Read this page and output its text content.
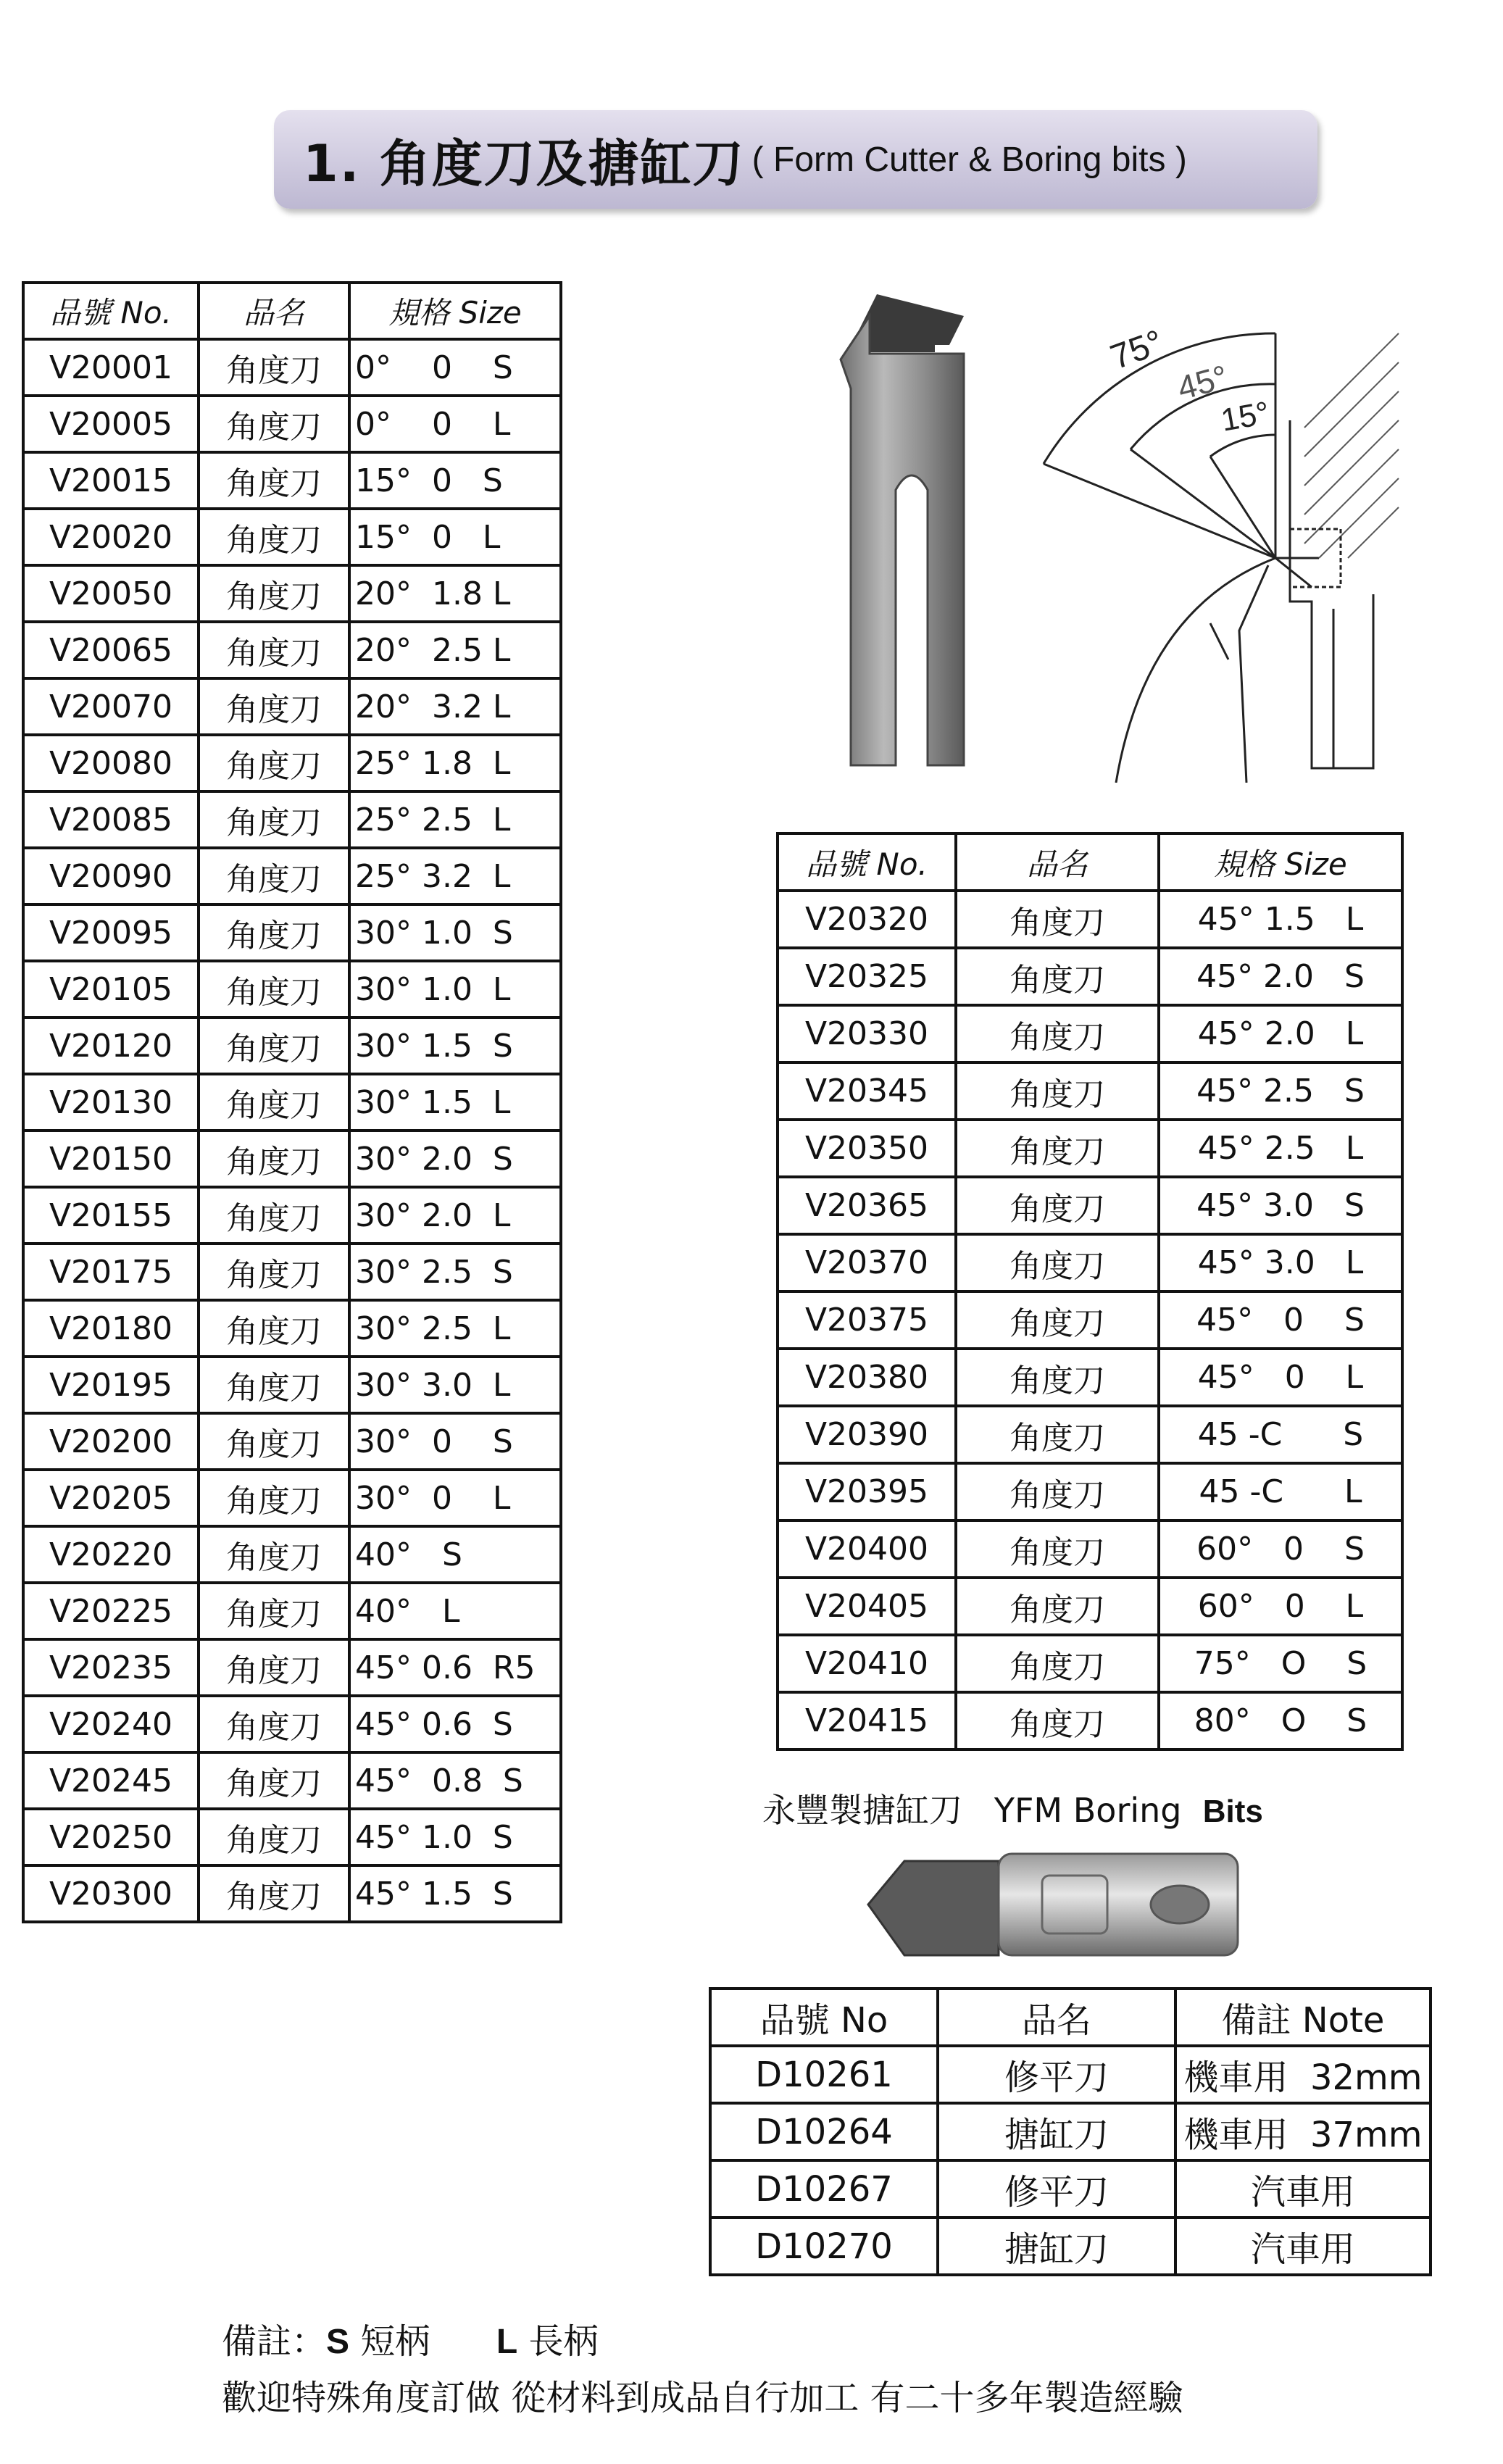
1. 角度刀及搪缸刀 ( Form Cutter & Boring bits )
品號 No.	品名	規格 Size
V20001	角度刀	0°    0    S
V20005	角度刀	0°    0    L
V20015	角度刀	15°  0   S
V20020	角度刀	15°  0   L
V20050	角度刀	20°  1.8 L
V20065	角度刀	20°  2.5 L
V20070	角度刀	20°  3.2 L
V20080	角度刀	25° 1.8  L
V20085	角度刀	25° 2.5  L
V20090	角度刀	25° 3.2  L
V20095	角度刀	30° 1.0  S
V20105	角度刀	30° 1.0  L
V20120	角度刀	30° 1.5  S
V20130	角度刀	30° 1.5  L
V20150	角度刀	30° 2.0  S
V20155	角度刀	30° 2.0  L
V20175	角度刀	30° 2.5  S
V20180	角度刀	30° 2.5  L
V20195	角度刀	30° 3.0  L
V20200	角度刀	30°  0    S
V20205	角度刀	30°  0    L
V20220	角度刀	40°   S
V20225	角度刀	40°   L
V20235	角度刀	45° 0.6  R5
V20240	角度刀	45° 0.6  S
V20245	角度刀	45°  0.8  S
V20250	角度刀	45° 1.0  S
V20300	角度刀	45° 1.5  S
75°
45°
15°
品號 No.	品名	規格 Size
V20320	角度刀	45° 1.5   L
V20325	角度刀	45° 2.0   S
V20330	角度刀	45° 2.0   L
V20345	角度刀	45° 2.5   S
V20350	角度刀	45° 2.5   L
V20365	角度刀	45° 3.0   S
V20370	角度刀	45° 3.0   L
V20375	角度刀	45°   0    S
V20380	角度刀	45°   0    L
V20390	角度刀	45 -C      S
V20395	角度刀	45 -C      L
V20400	角度刀	60°   0    S
V20405	角度刀	60°   0    L
V20410	角度刀	75°   O    S
V20415	角度刀	80°   O    S
永豐製搪缸刀 YFM Boring Bits
品號 No	品名	備註 Note
D10261	修平刀	機車用  32mm
D10264	搪缸刀	機車用  37mm
D10267	修平刀	汽車用
D10270	搪缸刀	汽車用
備註：S 短柄 L 長柄
歡迎特殊角度訂做 從材料到成品自行加工 有二十多年製造經驗
